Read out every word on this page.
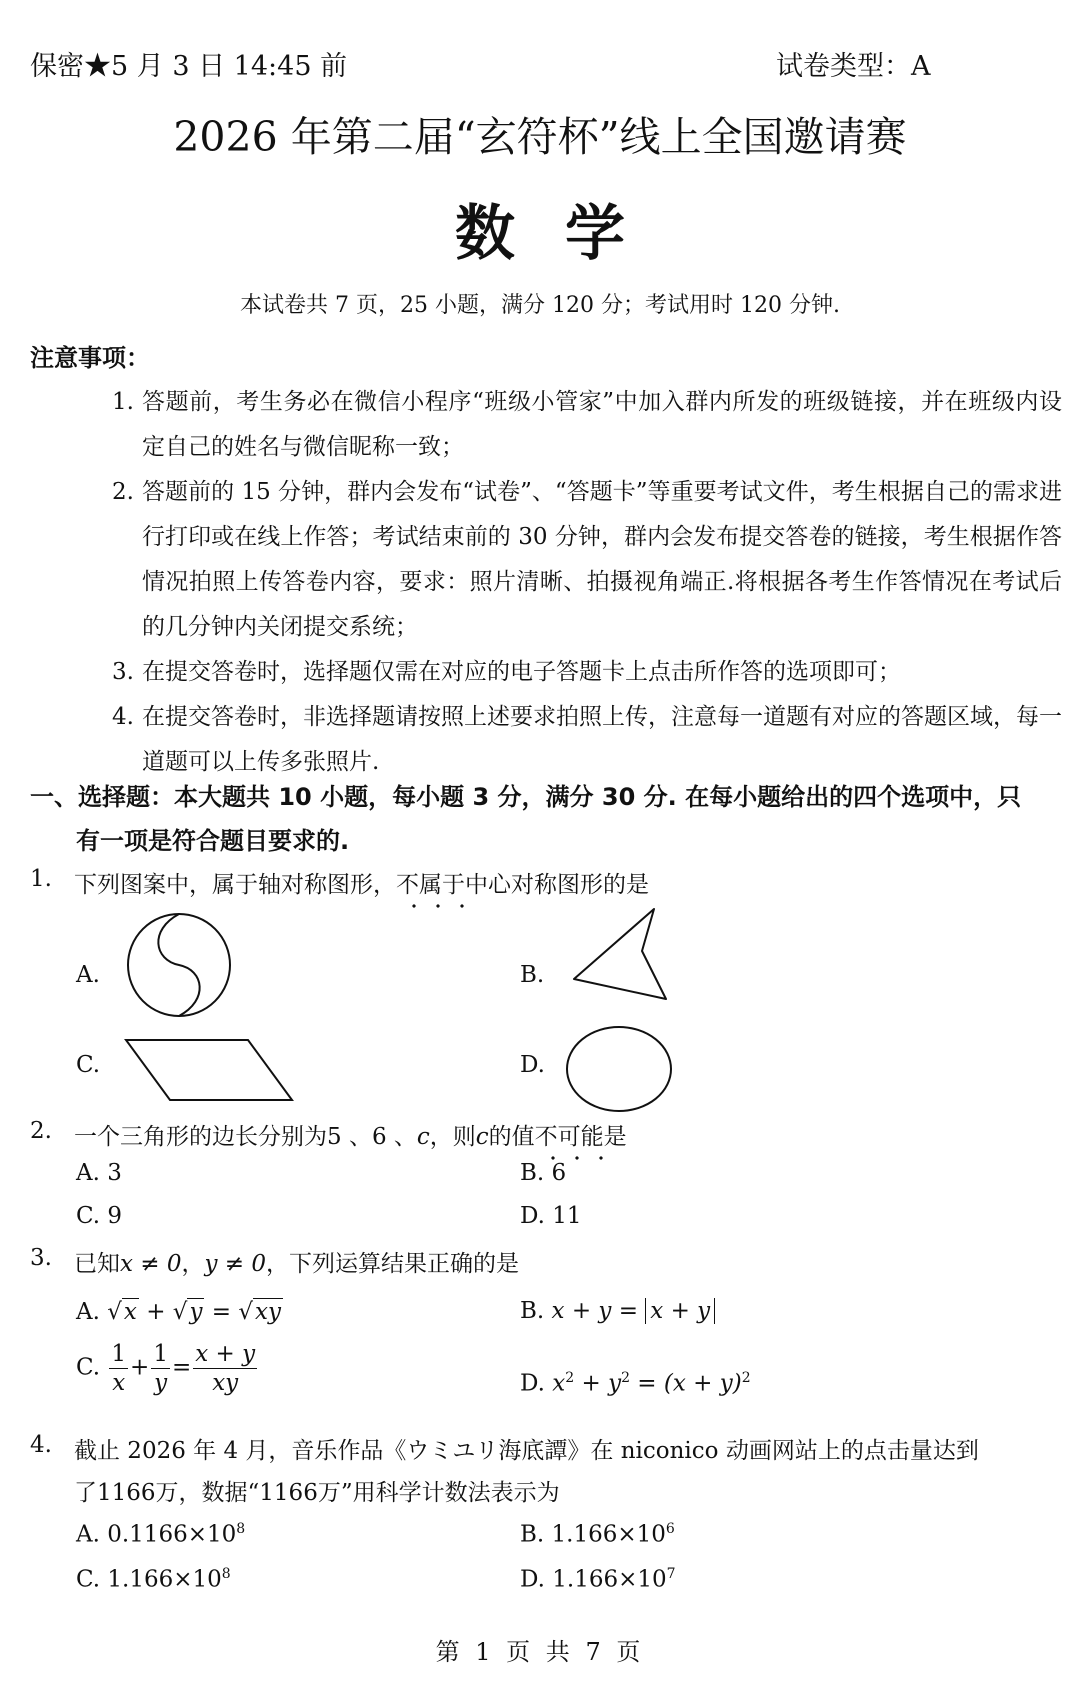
保密★5 月 3 日 14:45 前	试卷类型：A
2026 年第二届“玄符杯”线上全国邀请赛
数学
本试卷共 7 页，25 小题，满分 120 分；考试用时 120 分钟.
注意事项：
1. 答题前，考生务必在微信小程序“班级小管家”中加入群内所发的班级链接，并在班级内设定自己的姓名与微信昵称一致；
2. 答题前的 15 分钟，群内会发布“试卷”、“答题卡”等重要考试文件，考生根据自己的需求进行打印或在线上作答；考试结束前的 30 分钟，群内会发布提交答卷的链接，考生根据作答情况拍照上传答卷内容，要求：照片清晰、拍摄视角端正.将根据各考生作答情况在考试后的几分钟内关闭提交系统；
3. 在提交答卷时，选择题仅需在对应的电子答题卡上点击所作答的选项即可；
4. 在提交答卷时，非选择题请按照上述要求拍照上传，注意每一道题有对应的答题区域，每一道题可以上传多张照片.
一、选择题：本大题共 10 小题，每小题 3 分，满分 30 分. 在每小题给出的四个选项中，只
有一项是符合题目要求的.
1. 下列图案中，属于轴对称图形，不属于中心对称图形的是
A.	B.
C.	D.
2. 一个三角形的边长分别为5 、6 、c，则c的值不可能是
A. 3	B. 6
C. 9	D. 11
3. 已知x ≠ 0，y ≠ 0，下列运算结果正确的是
A. √x + √y = √xy	B. x + y = x + y
C. $\frac{1}{x} + \frac{1}{y} = \frac{x + y}{xy}$	D. $x^2 + y^2 = (x + y)^2$
4. 截止 2026 年 4 月，音乐作品《ウミユリ海底譚》在 niconico 动画网站上的点击量达到
了1166万，数据“1166万”用科学计数法表示为
A. $0.1166\times 10^8$	B. $1.166\times 10^6$
C. $1.166\times 10^8$	D. $1.166\times 10^7$
第 1 页 共 7 页
